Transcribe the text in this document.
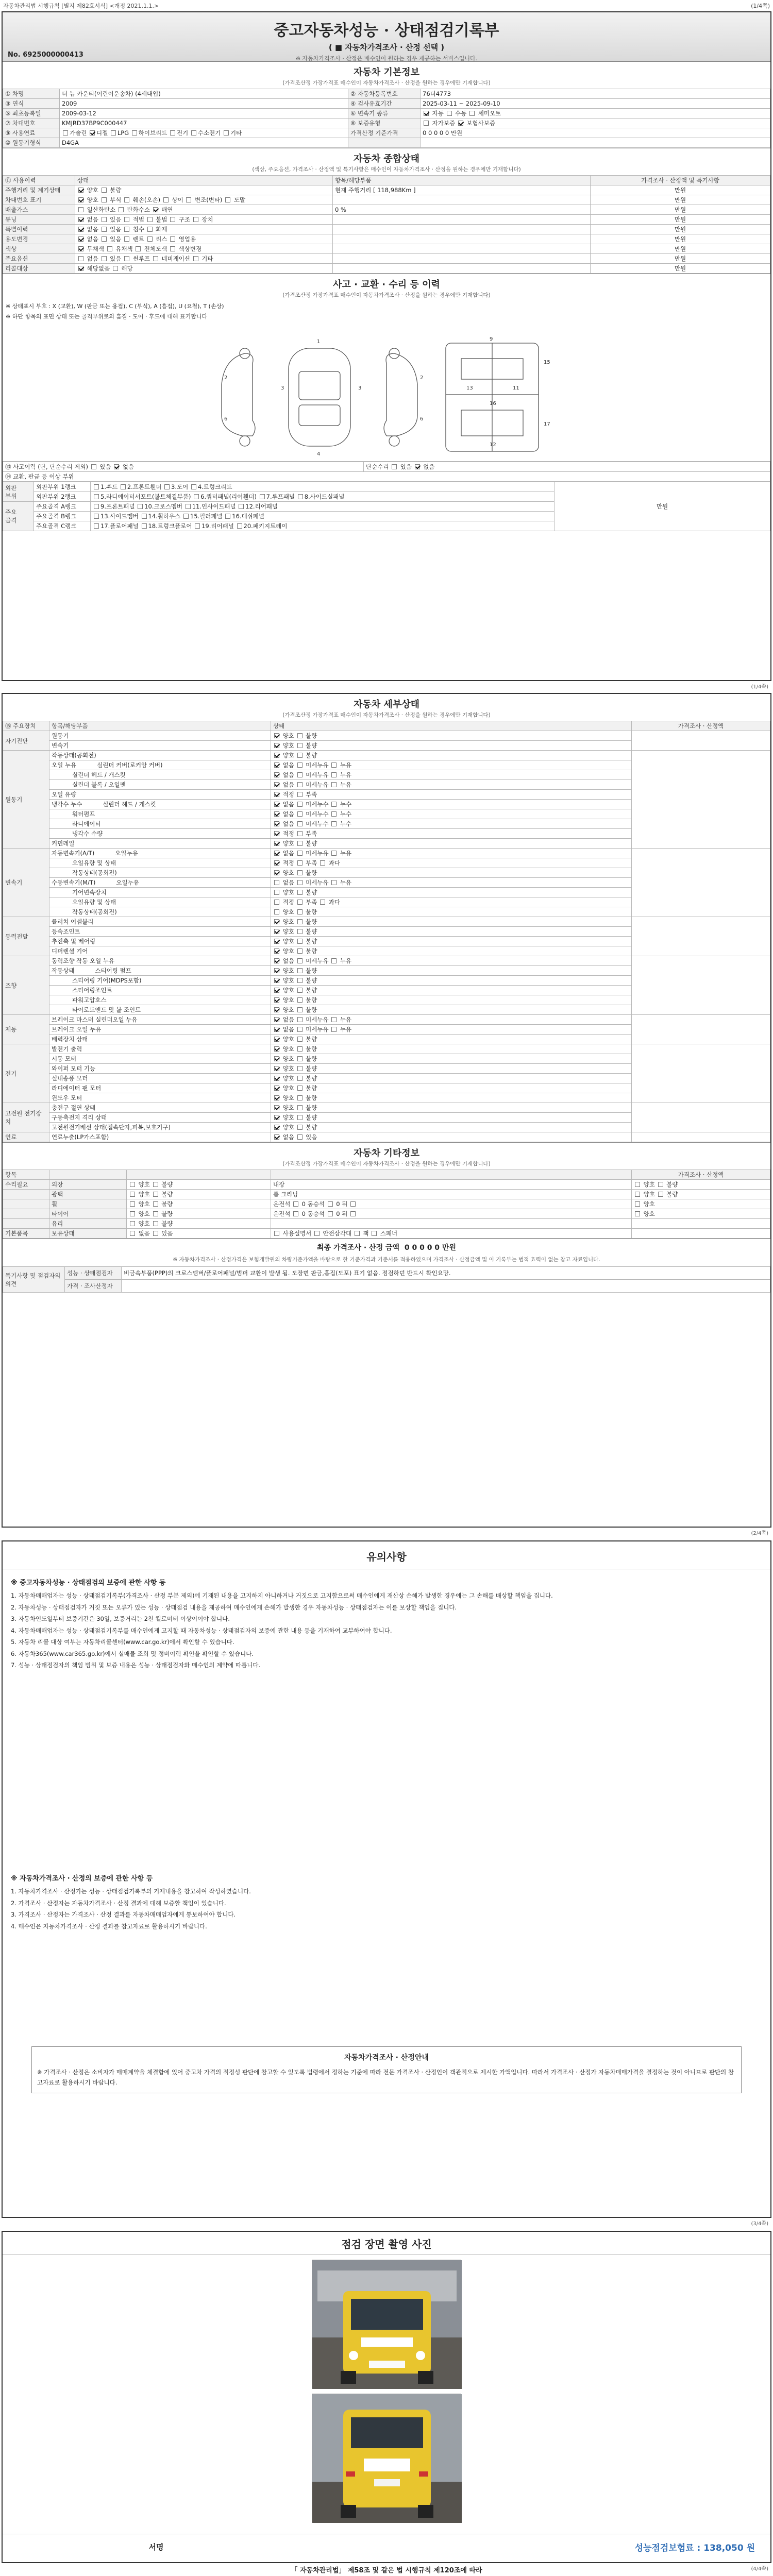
자동차관리법 시행규칙 [별지 제82호서식] <개정 2021.1.1.>	(1/4쪽)
중고자동차성능 · 상태점검기록부
( ■ 자동차가격조사 · 산정 선택 )
※ 자동차가격조사 · 산정은 매수인이 원하는 경우 제공하는 서비스입니다.
No. 6925000000413
자동차 기본정보
(가격조산정 가장가격표 매수인이 자동차가격조사 · 산정을 원하는 경우에만 기재합니다)
① 차명	더 뉴 카운티(어린이운송차) (4세대입)	② 자동차등록번호	76더4773
③ 연식	2009	④ 검사유효기간	2025-03-11 ~ 2025-09-10
⑤ 최초등록일	2009-03-12	⑥ 변속기 종류	자동  수동  세미오토
⑦ 차대번호	KMJRD37BP9C000447	⑧ 보증유형	자가보증  보험사보증
⑨ 사용연료	가솔린 디젤 LPG 하이브리드 전기 수소전기 기타	가격산정 기준가격	0 0 0 0 0 만원
⑩ 원동기형식	D4GA		
자동차 종합상태
(색상, 주요옵션, 가격조사 · 산정액 및 특기사항은 매수인이 자동차가격조사 · 산정을 원하는 경우에만 기재합니다)
⑪ 사용이력	상태	항목/해당부품	가격조사 · 산정액 및 특기사항
주행거리 및 계기상태	양호  불량	현재 주행거리 [ 118,988Km ]	만원
차대번호 표기	양호  부식  훼손(오손)  상이  변조(변타)  도말		만원
배출가스	일산화탄소  탄화수소  매연	0 %	만원
튜닝	없음  있음  적법  불법  구조  장치		만원
특별이력	없음  있음  침수  화재		만원
용도변경	없음  있음  렌트  리스  영업용		만원
색상	무채색  유채색  전체도색  색상변경		만원
주요옵션	없음  있음  썬루프  네비게이션  기타		만원
리콜대상	해당없음  해당		만원
사고 · 교환 · 수리 등 이력
(가격조산정 가장가격표 매수인이 자동차가격조사 · 산정을 원하는 경우에만 기재합니다)
※ 상태표시 부호 : X (교환), W (판금 또는 용접), C (부식), A (흠집), U (요철), T (손상)
※ 하단 항목의 표면 상태 또는 골격부위로의 흠집 · 도어 · 후드에 대해 표기합니다
1
4
2
6
3	3
2
6
9
13	11
16
12
15
17
⑬ 사고이력 (단, 단순수리 제외)  있음  없음	단순수리  있음  없음
⑭ 교환, 판금 등 이상 부위
외판
부위	외판부위 1랭크	1.후드 2.프론트휀더 3.도어 4.트렁크리드	만원
	외판부위 2랭크	5.라디에이터서포트(볼트체결부품) 6.쿼터패널(리어휀더) 7.루프패널 8.사이드실패널	
주요
골격	주요골격 A랭크	9.프론트패널 10.크로스멤버 11.인사이드패널 12.리어패널	
	주요골격 B랭크	13.사이드멤버 14.휠하우스 15.필러패널 16.대쉬패널	
	주요골격 C랭크	17.플로어패널 18.트렁크플로어 19.리어패널 20.패키지트레이	
(1/4쪽)
자동차 세부상태
(가격조산정 가장가격표 매수인이 자동차가격조사 · 산정을 원하는 경우에만 기재합니다)
⑮ 주요장치	항목/해당부품	상태	가격조사 · 산정액
자기진단	원동기	양호  불량	
	변속기	양호  불량	
원동기	작동상태(공회전)	양호  불량	
	오일 누유 실린더 커버(로커암 커버)	없음  미세누유  누유	
	실린더 헤드 / 개스킷	없음  미세누유  누유	
	실린더 블록 / 오일팬	없음  미세누유  누유	
	오일 유량	적정  부족	
	냉각수 누수 실린더 헤드 / 개스킷	없음  미세누수  누수	
	워터펌프	없음  미세누수  누수	
	라디에이터	없음  미세누수  누수	
	냉각수 수량	적정  부족	
	커먼레일	양호  불량	
변속기	자동변속기(A/T) 오일누유	없음  미세누유  누유	
	오일유량 및 상태	적정  부족  과다	
	작동상태(공회전)	양호  불량	
	수동변속기(M/T) 오일누유	없음  미세누유  누유	
	기어변속장치	양호  불량	
	오일유량 및 상태	적정  부족  과다	
	작동상태(공회전)	양호  불량	
동력전달	클러치 어셈블리	양호  불량	
	등속조인트	양호  불량	
	추진축 및 베어링	양호  불량	
	디퍼렌셜 기어	양호  불량	
조향	동력조향 작동 오일 누유	없음  미세누유  누유	
	작동상태 스티어링 펌프	양호  불량	
	스티어링 기어(MDPS포함)	양호  불량	
	스티어링조인트	양호  불량	
	파워고압호스	양호  불량	
	타이로드엔드 및 볼 조인트	양호  불량	
제동	브레이크 마스터 실린더오일 누유	없음  미세누유  누유	
	브레이크 오일 누유	없음  미세누유  누유	
	배력장치 상태	양호  불량	
전기	발전기 출력	양호  불량	
	시동 모터	양호  불량	
	와이퍼 모터 기능	양호  불량	
	실내송풍 모터	양호  불량	
	라디에이터 팬 모터	양호  불량	
	윈도우 모터	양호  불량	
고전원 전기장치	충전구 절연 상태	양호  불량	
	구동축전지 격리 상태	양호  불량	
	고전원전기배선 상태(접속단자,피복,보호기구)	양호  불량	
연료	연료누출(LP가스포함)	없음  있음	
자동차 기타정보
(가격조산정 가장가격표 매수인이 자동차가격조사 · 산정을 원하는 경우에만 기재합니다)
항목				가격조사 · 산정액
수리필요	외장	양호  불량	내장	양호  불량
	광택	양호  불량	룸 크리닝	양호  불량
	휠	양호  불량	운전석  0 동승석  0 뒤	양호
	타이어	양호  불량	운전석  0 동승석  0 뒤	양호
	유리	양호  불량		
기본품목	보유상태	없음  있음	사용설명서  안전삼각대  잭  스패너	
최종 가격조사 · 산정 금액 0 0 0 0 0 만원
※ 자동차가격조사 · 산정가격은 보험개발원의 차량기준가액을 바탕으로 한 기준가격과 기준서를 적용하였으며 가격조사 · 산정금액 및 이 기록부는 법적 효력이 없는 참고 자료입니다.
특기사항 및 점검자의 의견	성능 · 상태점검자	비금속부품(PPP)의 크로스멤버/플로어패널/범퍼 교환이 발생 됨. 도장면 판금,흠집(도포) 표기 없음. 점검하던 반드시 확인요망.
	가격 · 조사산정자	
(2/4쪽)
유의사항
※ 중고자동차성능 · 상태점검의 보증에 관한 사항 등

1. 자동차매매업자는 성능 · 상태점검기록부(가격조사 · 산정 부분 제외)에 기재된 내용을 고지하지 아니하거나 거짓으로 고지함으로써 매수인에게 재산상 손해가 발생한 경우에는 그 손해를 배상할 책임을 집니다.

2. 자동차성능 · 상태점검자가 거짓 또는 오류가 있는 성능 · 상태점검 내용을 제공하여 매수인에게 손해가 발생한 경우 자동차성능 · 상태점검자는 이를 보상할 책임을 집니다.

3. 자동차인도일부터 보증기간은 30일, 보증거리는 2천 킬로미터 이상이어야 합니다.

4. 자동차매매업자는 성능 · 상태점검기록부를 매수인에게 고지할 때 자동차성능 · 상태점검자의 보증에 관한 내용 등을 기재하여 교부하여야 합니다.

5. 자동차 리콜 대상 여부는 자동차리콜센터(www.car.go.kr)에서 확인할 수 있습니다.

6. 자동차365(www.car365.go.kr)에서 실매물 조회 및 정비이력 확인을 확인할 수 있습니다.

7. 성능 · 상태점검자의 책임 범위 및 보증 내용은 성능 · 상태점검자와 매수인의 계약에 따릅니다.

※ 자동차가격조사 · 산정의 보증에 관한 사항 등

1. 자동차가격조사 · 산정가는 성능 · 상태점검기록부의 기재내용을 참고하여 작성하였습니다.

2. 가격조사 · 산정자는 자동차가격조사 · 산정 결과에 대해 보증할 책임이 있습니다.

3. 가격조사 · 산정자는 가격조사 · 산정 결과를 자동차매매업자에게 통보하여야 합니다.

4. 매수인은 자동차가격조사 · 산정 결과를 참고자료로 활용하시기 바랍니다.

자동차가격조사 · 산정안내
※ 가격조사 · 산정은 소비자가 매매계약을 체결함에 있어 중고차 가격의 적정성 판단에 참고할 수 있도록 법령에서 정하는 기준에 따라 전문 가격조사 · 산정인이 객관적으로 제시한 가액입니다. 따라서 가격조사 · 산정가 자동차매매가격을 결정하는 것이 아니므로 판단의 참고자료로 활용하시기 바랍니다.
(3/4쪽)
점검 장면 촬영 사진
서명	성능점검보험료 : 138,050 원
「 자동차관리법」 제58조 및 같은 법 시행규칙 제120조에 따라	(4/4쪽)
